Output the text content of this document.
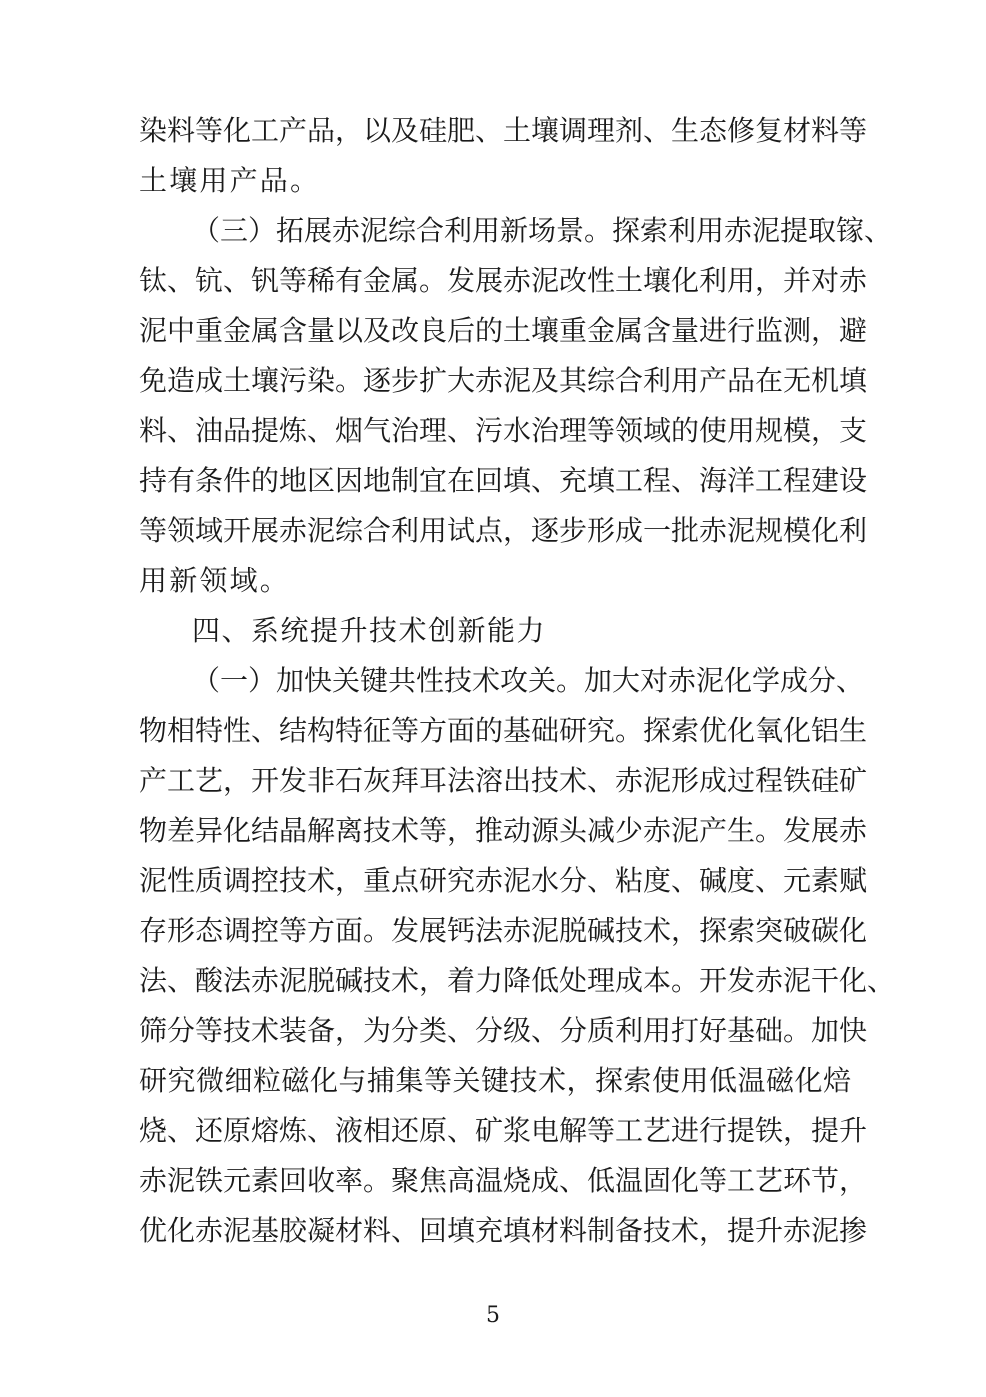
染料等化工产品，以及硅肥、土壤调理剂、生态修复材料等
土壤用产品。
（三）拓展赤泥综合利用新场景。探索利用赤泥提取镓、
钛、钪、钒等稀有金属。发展赤泥改性土壤化利用，并对赤
泥中重金属含量以及改良后的土壤重金属含量进行监测，避
免造成土壤污染。逐步扩大赤泥及其综合利用产品在无机填
料、油品提炼、烟气治理、污水治理等领域的使用规模，支
持有条件的地区因地制宜在回填、充填工程、海洋工程建设
等领域开展赤泥综合利用试点，逐步形成一批赤泥规模化利
用新领域。
四、系统提升技术创新能力
（一）加快关键共性技术攻关。加大对赤泥化学成分、
物相特性、结构特征等方面的基础研究。探索优化氧化铝生
产工艺，开发非石灰拜耳法溶出技术、赤泥形成过程铁硅矿
物差异化结晶解离技术等，推动源头减少赤泥产生。发展赤
泥性质调控技术，重点研究赤泥水分、粘度、碱度、元素赋
存形态调控等方面。发展钙法赤泥脱碱技术，探索突破碳化
法、酸法赤泥脱碱技术，着力降低处理成本。开发赤泥干化、
筛分等技术装备，为分类、分级、分质利用打好基础。加快
研究微细粒磁化与捕集等关键技术，探索使用低温磁化焙
烧、还原熔炼、液相还原、矿浆电解等工艺进行提铁，提升
赤泥铁元素回收率。聚焦高温烧成、低温固化等工艺环节，
优化赤泥基胶凝材料、回填充填材料制备技术，提升赤泥掺
5
